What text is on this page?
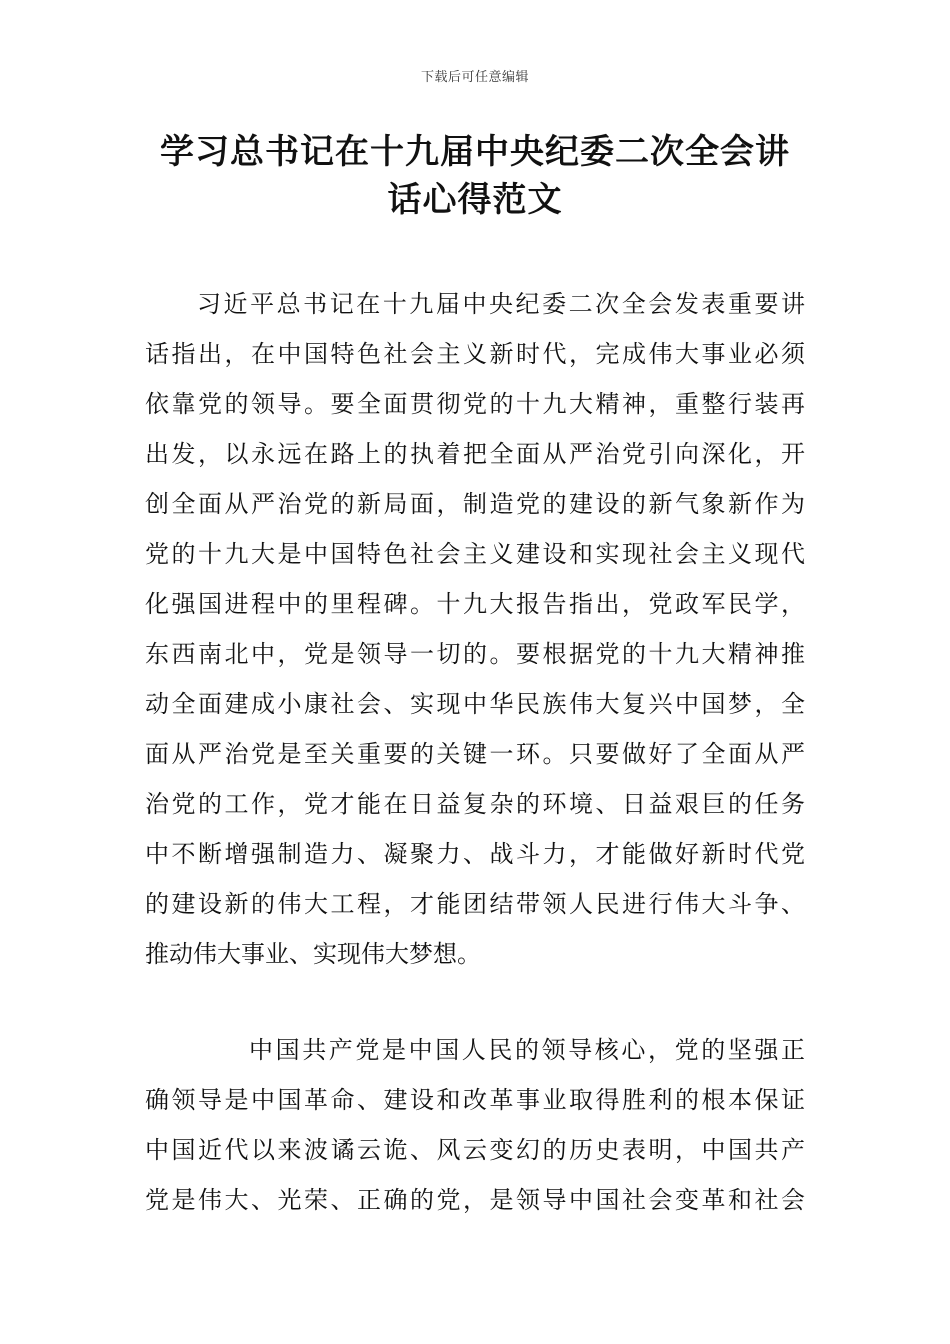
下载后可任意编辑
学习总书记在十九届中央纪委二次全会讲
话心得范文
习近平总书记在十九届中央纪委二次全会发表重要讲
话指出，在中国特色社会主义新时代，完成伟大事业必须
依靠党的领导。要全面贯彻党的十九大精神，重整行装再
出发，以永远在路上的执着把全面从严治党引向深化，开
创全面从严治党的新局面，制造党的建设的新气象新作为
党的十九大是中国特色社会主义建设和实现社会主义现代
化强国进程中的里程碑。十九大报告指出，党政军民学，
东西南北中，党是领导一切的。要根据党的十九大精神推
动全面建成小康社会、实现中华民族伟大复兴中国梦，全
面从严治党是至关重要的关键一环。只要做好了全面从严
治党的工作，党才能在日益复杂的环境、日益艰巨的任务
中不断增强制造力、凝聚力、战斗力，才能做好新时代党
的建设新的伟大工程，才能团结带领人民进行伟大斗争、
推动伟大事业、实现伟大梦想。
中国共产党是中国人民的领导核心，党的坚强正
确领导是中国革命、建设和改革事业取得胜利的根本保证
中国近代以来波谲云诡、风云变幻的历史表明，中国共产
党是伟大、光荣、正确的党，是领导中国社会变革和社会
